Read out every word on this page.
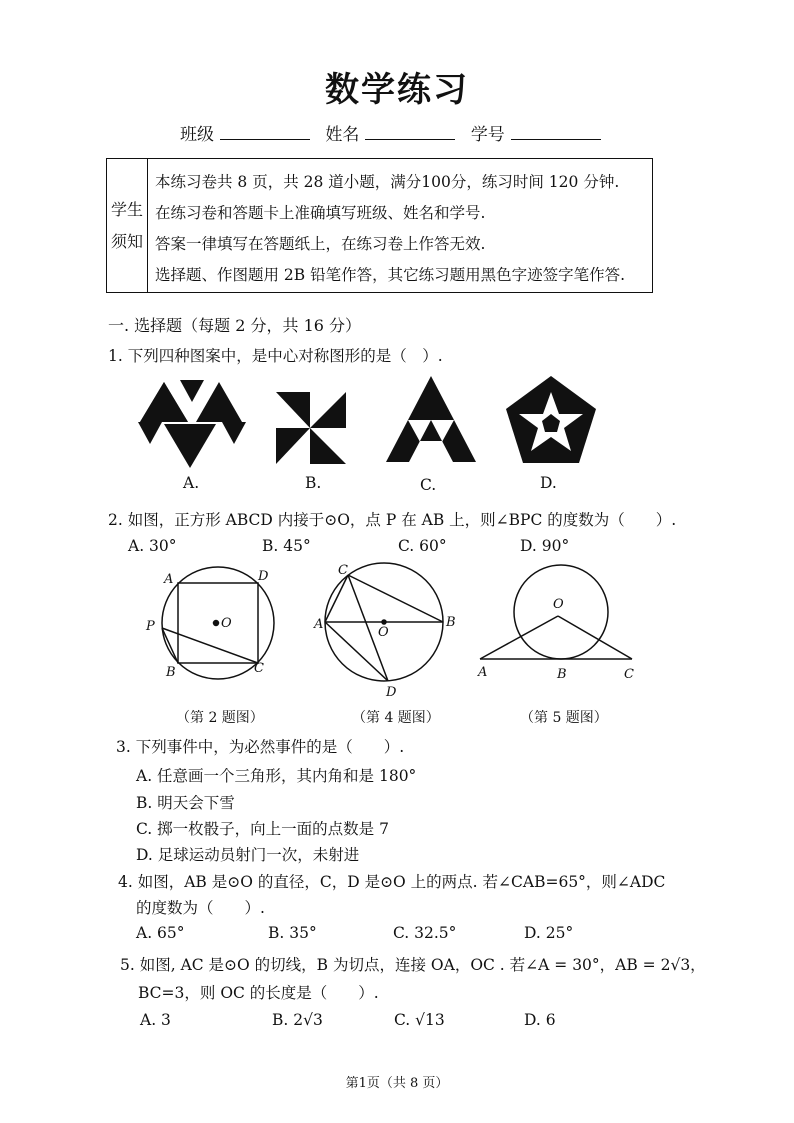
数学练习
班级	姓名	学号
学生
须知
本练习卷共 8 页，共 28 道小题，满分100分，练习时间 120 分钟.
在练习卷和答题卡上准确填写班级、姓名和学号.
答案一律填写在答题纸上，在练习卷上作答无效.
选择题、作图题用 2B 铅笔作答，其它练习题用黑色字迹签字笔作答.
一. 选择题（每题 2 分，共 16 分）
1. 下列四种图案中，是中心对称图形的是（　）.
A.	B.	C.	D.
2. 如图，正方形 ABCD 内接于⊙O，点 P 在 AB 上，则∠BPC 的度数为（　　）.
A. 30°	B. 45°	C. 60°	D. 90°
A	D
P	O
B	C
C
A
O
B
D
O
A	B	C
（第 2 题图）	（第 4 题图）	（第 5 题图）
3. 下列事件中，为必然事件的是（　　）.
A. 任意画一个三角形，其内角和是 180°
B. 明天会下雪
C. 掷一枚骰子，向上一面的点数是 7
D. 足球运动员射门一次，未射进
4. 如图，AB 是⊙O 的直径，C，D 是⊙O 上的两点. 若∠CAB=65°，则∠ADC
的度数为（　　）.
A. 65°	B. 35°	C. 32.5°	D. 25°
5. 如图, AC 是⊙O 的切线，B 为切点，连接 OA，OC . 若∠A = 30°，AB = 2√3，
BC=3，则 OC 的长度是（　　）.
A. 3	B. 2√3	C. √13	D. 6
第1页（共 8 页）
